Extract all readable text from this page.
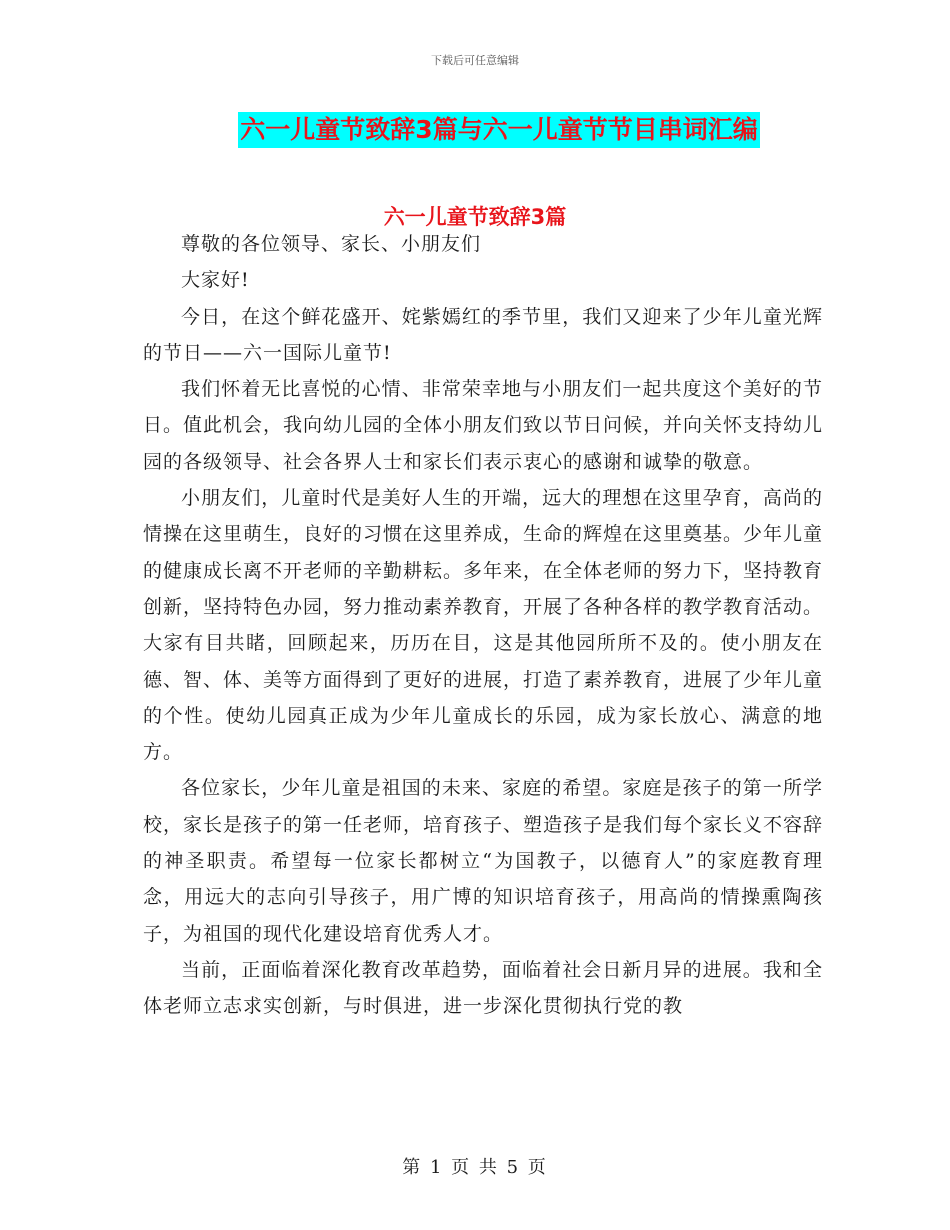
下载后可任意编辑
六一儿童节致辞3篇与六一儿童节节目串词汇编
六一儿童节致辞3篇

尊敬的各位领导、家长、小朋友们

大家好!

今日，在这个鲜花盛开、姹紫嫣红的季节里，我们又迎来了少年儿童光辉的节日——六一国际儿童节!

我们怀着无比喜悦的心情、非常荣幸地与小朋友们一起共度这个美好的节日。值此机会，我向幼儿园的全体小朋友们致以节日问候，并向关怀支持幼儿园的各级领导、社会各界人士和家长们表示衷心的感谢和诚挚的敬意。

小朋友们，儿童时代是美好人生的开端，远大的理想在这里孕育，高尚的情操在这里萌生，良好的习惯在这里养成，生命的辉煌在这里奠基。少年儿童的健康成长离不开老师的辛勤耕耘。多年来，在全体老师的努力下，坚持教育创新，坚持特色办园，努力推动素养教育，开展了各种各样的教学教育活动。大家有目共睹，回顾起来，历历在目，这是其他园所所不及的。使小朋友在德、智、体、美等方面得到了更好的进展，打造了素养教育，进展了少年儿童的个性。使幼儿园真正成为少年儿童成长的乐园，成为家长放心、满意的地方。

各位家长，少年儿童是祖国的未来、家庭的希望。家庭是孩子的第一所学校，家长是孩子的第一任老师，培育孩子、塑造孩子是我们每个家长义不容辞的神圣职责。希望每一位家长都树立“为国教子，以德育人”的家庭教育理念，用远大的志向引导孩子，用广博的知识培育孩子，用高尚的情操熏陶孩子，为祖国的现代化建设培育优秀人才。

当前，正面临着深化教育改革趋势，面临着社会日新月异的进展。我和全体老师立志求实创新，与时俱进，进一步深化贯彻执行党的教

第 1 页 共 5 页
